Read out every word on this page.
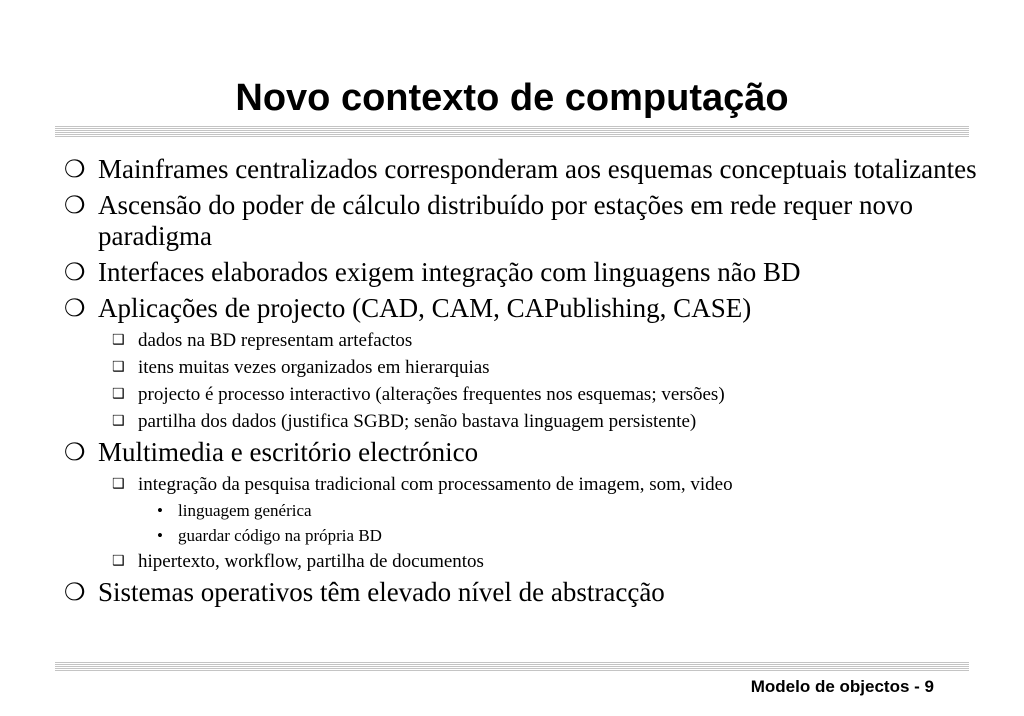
Novo contexto de computação
❍ Mainframes centralizados corresponderam aos esquemas conceptuais totalizantes
❍ Ascensão do poder de cálculo distribuído por estações em rede requer novo paradigma
❍ Interfaces elaborados exigem integração com linguagens não BD
❍ Aplicações de projecto (CAD, CAM, CAPublishing, CASE)
❑ dados na BD representam artefactos
❑ itens muitas vezes organizados em hierarquias
❑ projecto é processo interactivo (alterações frequentes nos esquemas; versões)
❑ partilha dos dados (justifica SGBD; senão bastava linguagem persistente)
❍ Multimedia e escritório electrónico
❑ integração da pesquisa tradicional com processamento de imagem, som, video
• linguagem genérica
• guardar código na própria BD
❑ hipertexto, workflow, partilha de documentos
❍ Sistemas operativos têm elevado nível de abstracção
Modelo de objectos - 9
